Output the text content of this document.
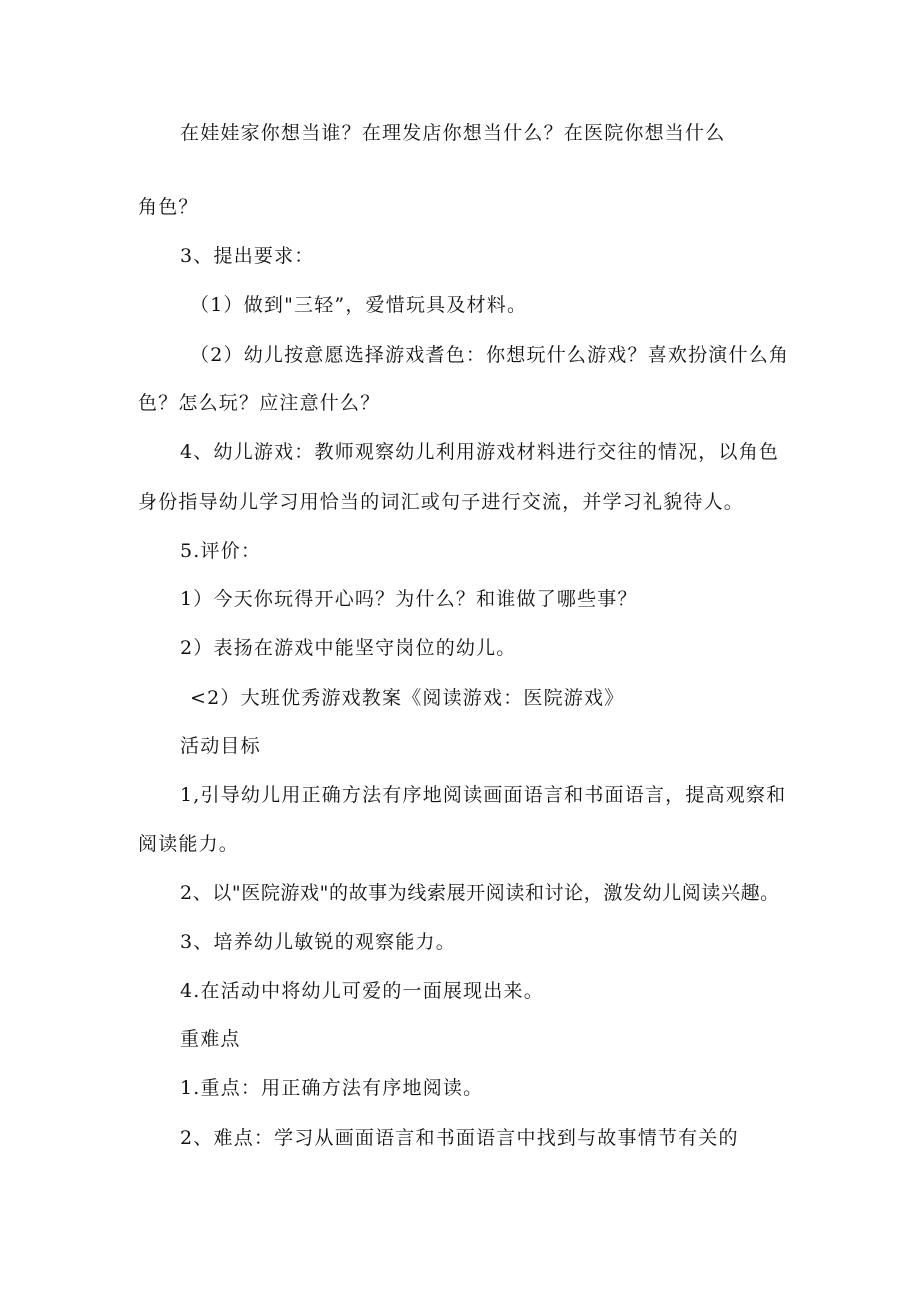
在娃娃家你想当谁？在理发店你想当什么？在医院你想当什么
角色？
3、提出要求：
（1）做到"三轻”，爱惜玩具及材料。
（2）幼儿按意愿选择游戏耆色：你想玩什么游戏？喜欢扮演什么角
色？怎么玩？应注意什么？
4、幼儿游戏：教师观察幼儿利用游戏材料进行交往的情况，以角色
身份指导幼儿学习用恰当的词汇或句子进行交流，并学习礼貌待人。
5.评价：
1）今天你玩得开心吗？为什么？和谁做了哪些事？
2）表扬在游戏中能坚守岗位的幼儿。
<2）大班优秀游戏教案《阅读游戏：医院游戏》
活动目标
1,引导幼儿用正确方法有序地阅读画面语言和书面语言，提高观察和
阅读能力。
2、以"医院游戏"的故事为线索展开阅读和讨论，激发幼儿阅读兴趣。
3、培养幼儿敏锐的观察能力。
4.在活动中将幼儿可爱的一面展现出来。
重难点
1.重点：用正确方法有序地阅读。
2、难点：学习从画面语言和书面语言中找到与故事情节有关的
